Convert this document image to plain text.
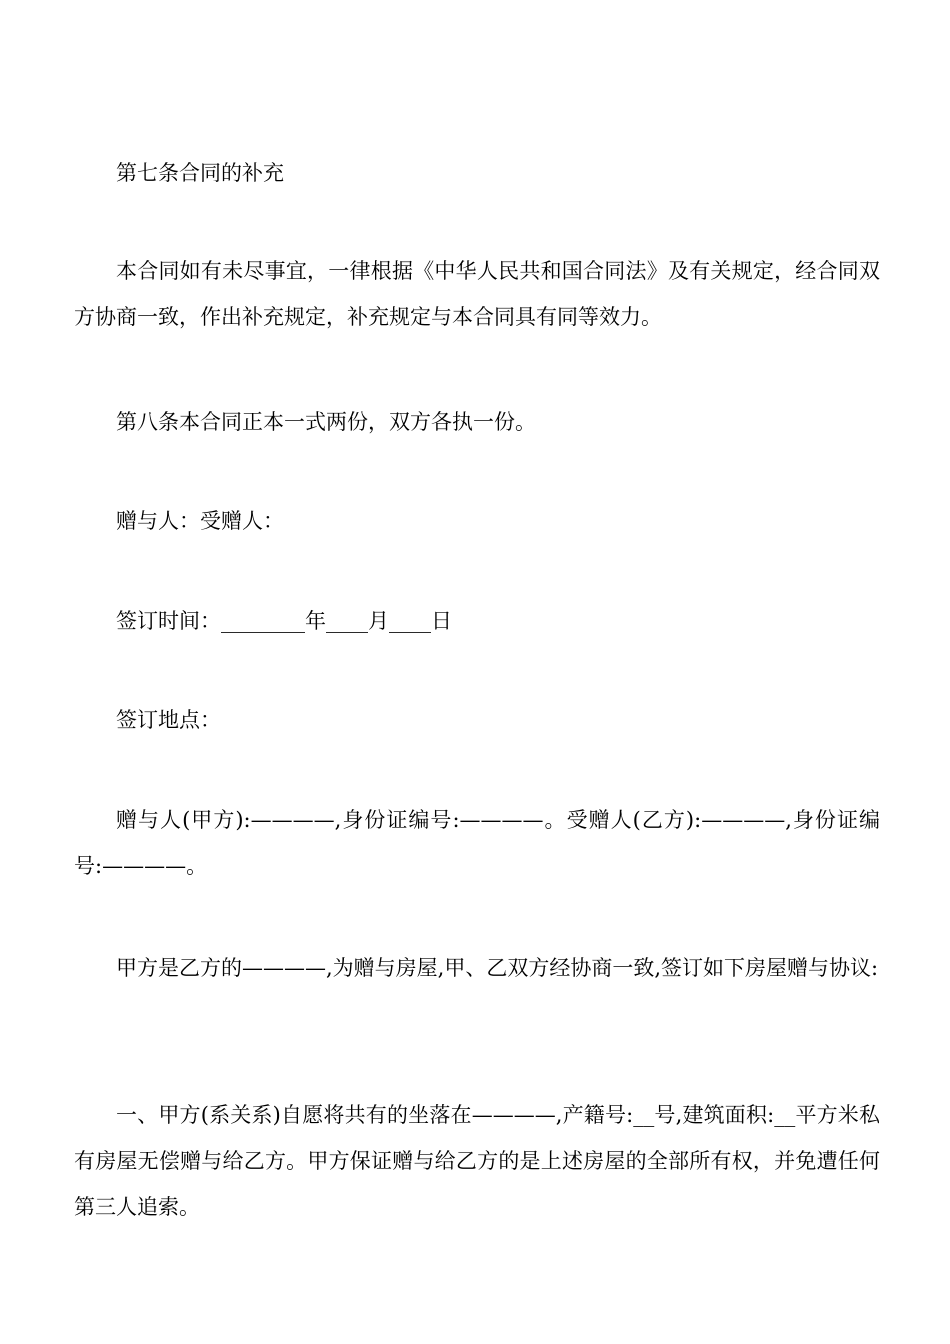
第七条合同的补充

本合同如有未尽事宜，一律根据《中华人民共和国合同法》及有关规定，经合同双方协商一致，作出补充规定，补充规定与本合同具有同等效力。

第八条本合同正本一式两份，双方各执一份。

赠与人：受赠人：

签订时间：________年____月____日

签订地点：

赠与人(甲方):————,身份证编号:————。受赠人(乙方):————,身份证编号:————。

甲方是乙方的————,为赠与房屋,甲、乙双方经协商一致,签订如下房屋赠与协议:

一、甲方(系关系)自愿将共有的坐落在————,产籍号:__号,建筑面积:__平方米私有房屋无偿赠与给乙方。甲方保证赠与给乙方的是上述房屋的全部所有权，并免遭任何第三人追索。
